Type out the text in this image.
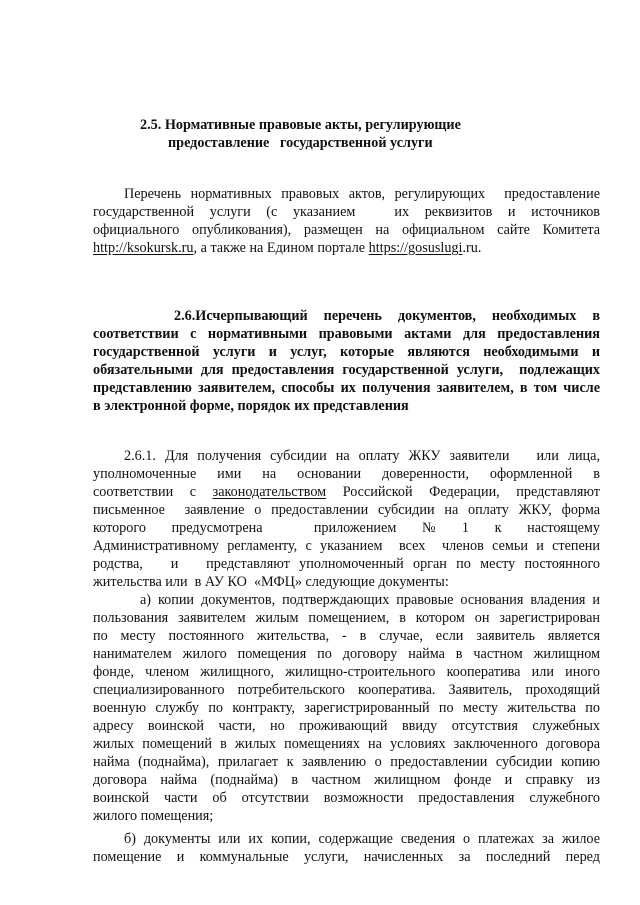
2.5. Нормативные правовые акты, регулирующие
предоставление   государственной услуги
Перечень нормативных правовых актов, регулирующих  предоставление
государственной  услуги  (с  указанием     их  реквизитов  и  источников
официального опубликования), размещен на официальном сайте Комитета
http://ksokursk.ru, а также на Едином портале https://gosuslugi.ru.
2.6.Исчерпывающий  перечень  документов,  необходимых  в
соответствии с нормативными правовыми актами для предоставления
государственной  услуги  и  услуг,  которые  являются  необходимыми  и
обязательными для предоставления государственной услуги,  подлежащих
представлению заявителем, способы их получения заявителем, в том числе
в электронной форме, порядок их представления
2.6.1. Для получения субсидии на оплату ЖКУ заявители   или лица,
уполномоченные    ими    на    основании    доверенности,    оформленной    в
соответствии с законодательством Российской Федерации, представляют
письменное  заявление о предоставлении субсидии на оплату ЖКУ, форма
которого      предусмотрена            приложением      №      1      к      настоящему
Административному регламенту, с указанием  всех  членов семьи и степени
родства,   и   представляют уполномоченный орган по месту постоянного
жительства или  в АУ КО  «МФЦ» следующие документы:
а) копии документов, подтверждающих правовые основания владения и
пользования заявителем жилым помещением, в котором он зарегистрирован
по  месту  постоянного  жительства,  -  в  случае,  если  заявитель  является
нанимателем жилого помещения по договору найма в частном жилищном
фонде, членом жилищного, жилищно-строительного кооператива или иного
специализированного потребительского кооператива. Заявитель, проходящий
военную службу по контракту, зарегистрированный по месту жительства по
адресу  воинской  части,  но  проживающий  ввиду  отсутствия  служебных
жилых помещений в жилых помещениях на условиях заключенного договора
найма (поднайма), прилагает к заявлению о предоставлении субсидии копию
договора  найма  (поднайма)  в  частном  жилищном  фонде  и  справку  из
воинской  части  об  отсутствии  возможности  предоставления  служебного
жилого помещения;
б) документы или их копии, содержащие сведения о платежах за жилое
помещение   и   коммунальные   услуги,   начисленных   за   последний   перед
